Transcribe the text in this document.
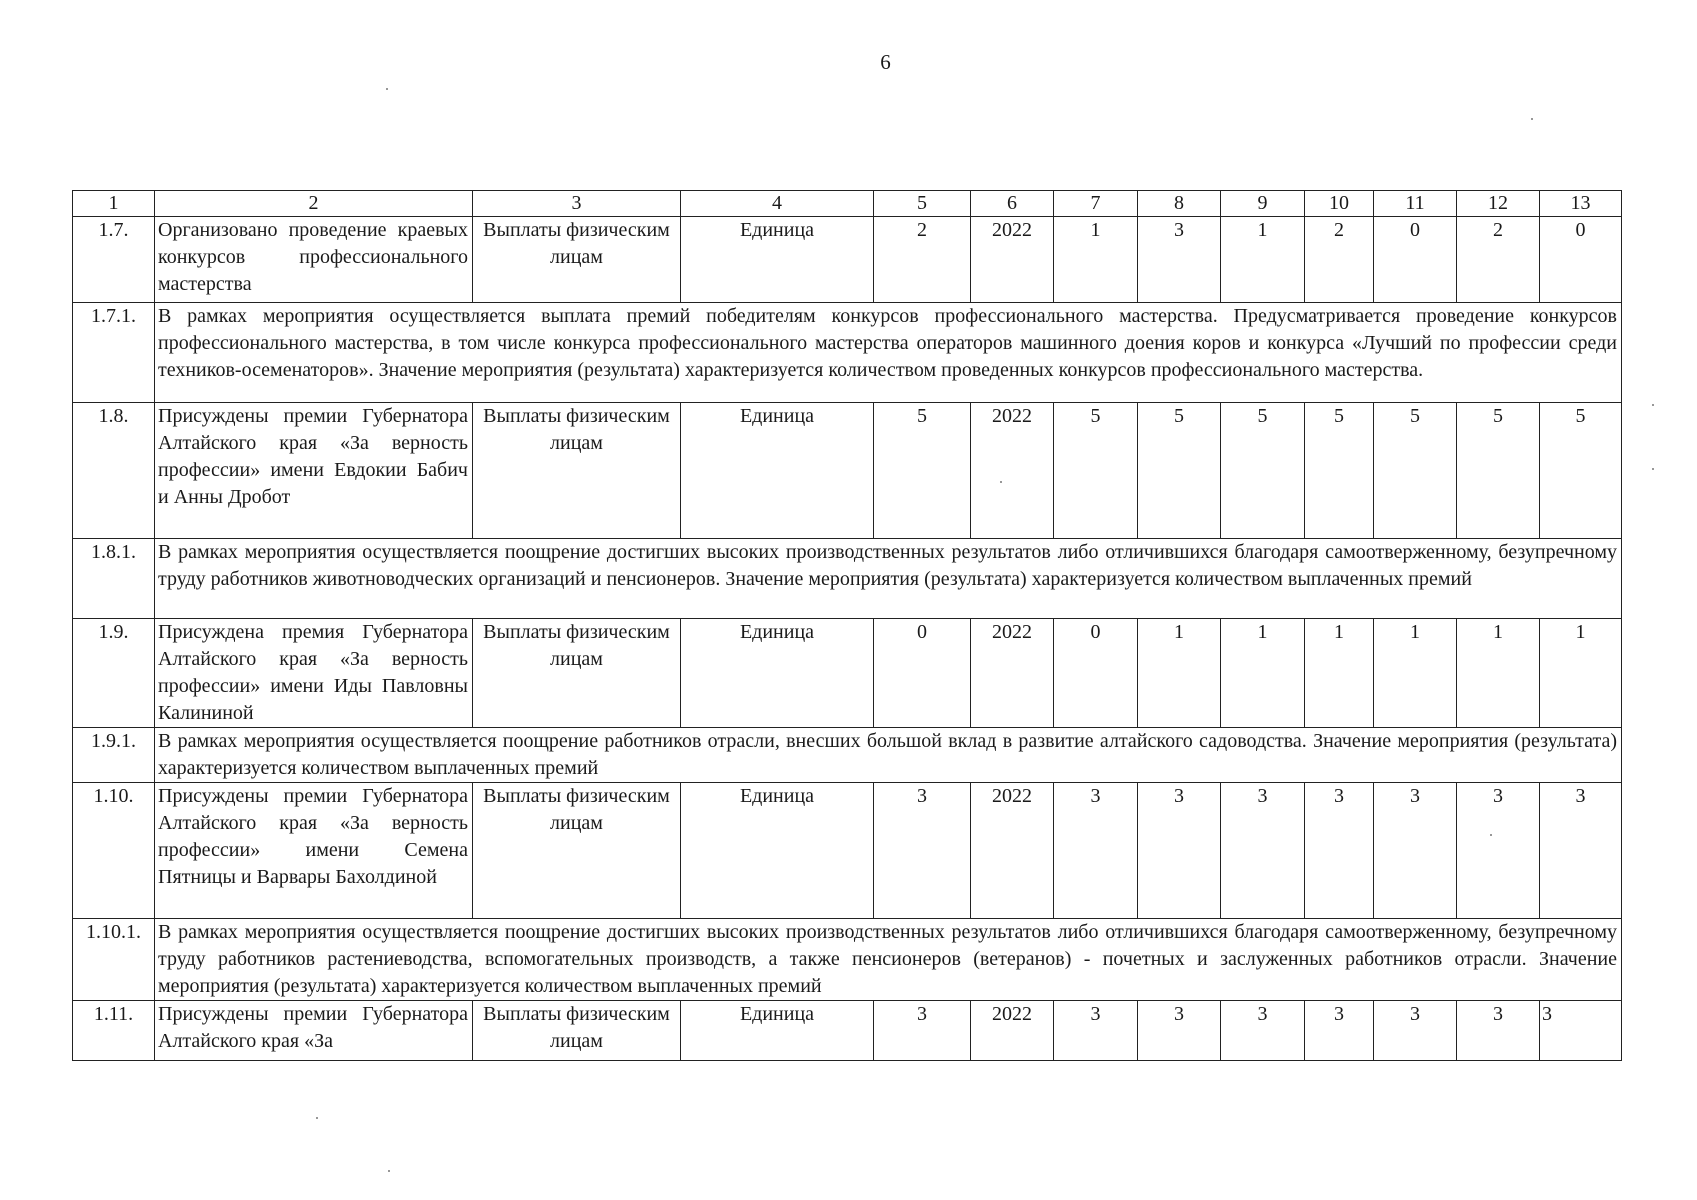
6
1	2	3	4	5	6	7	8	9	10	11	12	13
1.7.	Организовано проведение краевых конкурсов профессионального мастерства	Выплаты физическим лицам	Единица	2	2022	1	3	1	2	0	2	0
1.7.1.	В рамках мероприятия осуществляется выплата премий победителям конкурсов профессионального мастерства. Предусматривается проведение конкурсов профессионального мастерства, в том числе конкурса профессионального мастерства операторов машинного доения коров и конкурса «Лучший по профессии среди техников-осеменаторов». Значение мероприятия (результата) характеризуется количеством проведенных конкурсов профессионального мастерства.											
1.8.	Присуждены премии Губернатора Алтайского края «За верность профессии» имени Евдокии Бабич и Анны Дробот	Выплаты физическим лицам	Единица	5	2022	5	5	5	5	5	5	5
1.8.1.	В рамках мероприятия осуществляется поощрение достигших высоких производственных результатов либо отличившихся благодаря самоотверженному, безупречному труду работников животноводческих организаций и пенсионеров. Значение мероприятия (результата) характеризуется количеством выплаченных премий											
1.9.	Присуждена премия Губернатора Алтайского края «За верность профессии» имени Иды Павловны Калининой	Выплаты физическим лицам	Единица	0	2022	0	1	1	1	1	1	1
1.9.1.	В рамках мероприятия осуществляется поощрение работников отрасли, внесших большой вклад в развитие алтайского садоводства. Значение мероприятия (результата) характеризуется количеством выплаченных премий											
1.10.	Присуждены премии Губернатора Алтайского края «За верность профессии» имени Семена Пятницы и Варвары Бахолдиной	Выплаты физическим лицам	Единица	3	2022	3	3	3	3	3	3	3
1.10.1.	В рамках мероприятия осуществляется поощрение достигших высоких производственных результатов либо отличившихся благодаря самоотверженному, безупречному труду работников растениеводства, вспомогательных производств, а также пенсионеров (ветеранов) - почетных и заслуженных работников отрасли. Значение мероприятия (результата) характеризуется количеством выплаченных премий											
1.11.	Присуждены премии Губернатора Алтайского края «За	Выплаты физическим лицам	Единица	3	2022	3	3	3	3	3	3	3
